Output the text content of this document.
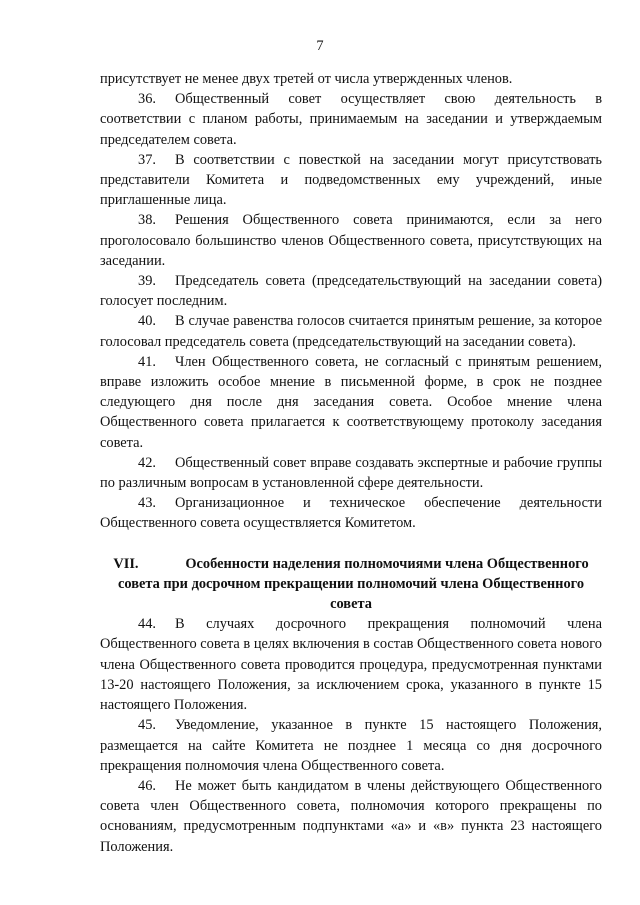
7

присутствует не менее двух третей от числа утвержденных членов.

36. Общественный совет осуществляет свою деятельность в соответствии с планом работы, принимаемым на заседании и утверждаемым председателем совета.

37. В соответствии с повесткой на заседании могут присутствовать представители Комитета и подведомственных ему учреждений, иные приглашенные лица.

38. Решения Общественного совета принимаются, если за него проголосовало большинство членов Общественного совета, присутствующих на заседании.

39. Председатель совета (председательствующий на заседании совета) голосует последним.

40. В случае равенства голосов считается принятым решение, за которое голосовал председатель совета (председательствующий на заседании совета).

41. Член Общественного совета, не согласный с принятым решением, вправе изложить особое мнение в письменной форме, в срок не позднее следующего дня после дня заседания совета. Особое мнение члена Общественного совета прилагается к соответствующему протоколу заседания совета.

42. Общественный совет вправе создавать экспертные и рабочие группы по различным вопросам в установленной сфере деятельности.

43. Организационное и техническое обеспечение деятельности Общественного совета осуществляется Комитетом.

VII.	Особенности наделения полномочиями члена Общественного совета при досрочном прекращении полномочий члена Общественного совета

44. В случаях досрочного прекращения полномочий члена Общественного совета в целях включения в состав Общественного совета нового члена Общественного совета проводится процедура, предусмотренная пунктами 13-20 настоящего Положения, за исключением срока, указанного в пункте 15 настоящего Положения.

45. Уведомление, указанное в пункте 15 настоящего Положения, размещается на сайте Комитета не позднее 1 месяца со дня досрочного прекращения полномочия члена Общественного совета.

46. Не может быть кандидатом в члены действующего Общественного совета член Общественного совета, полномочия которого прекращены по основаниям, предусмотренным подпунктами «а» и «в» пункта 23 настоящего Положения.
